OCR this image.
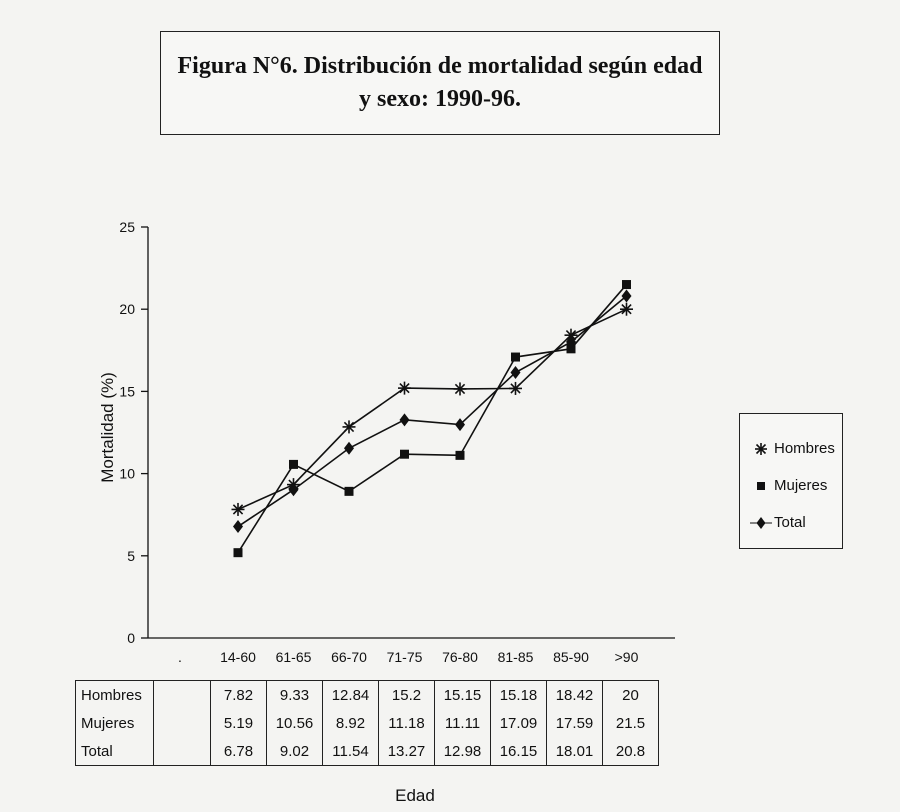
Figura N°6. Distribución de mortalidad según edad
y sexo: 1990-96.
0
5
10
15
20
25
Mortalidad (%)
14-60 61-65 66-70 71-75 76-80 81-85 85-90 >90
.
Hombres
Mujeres
Total
Hombres		7.82	9.33	12.84	15.2	15.15	15.18	18.42	20
Mujeres		5.19	10.56	8.92	11.18	11.11	17.09	17.59	21.5
Total		6.78	9.02	11.54	13.27	12.98	16.15	18.01	20.8
Edad
